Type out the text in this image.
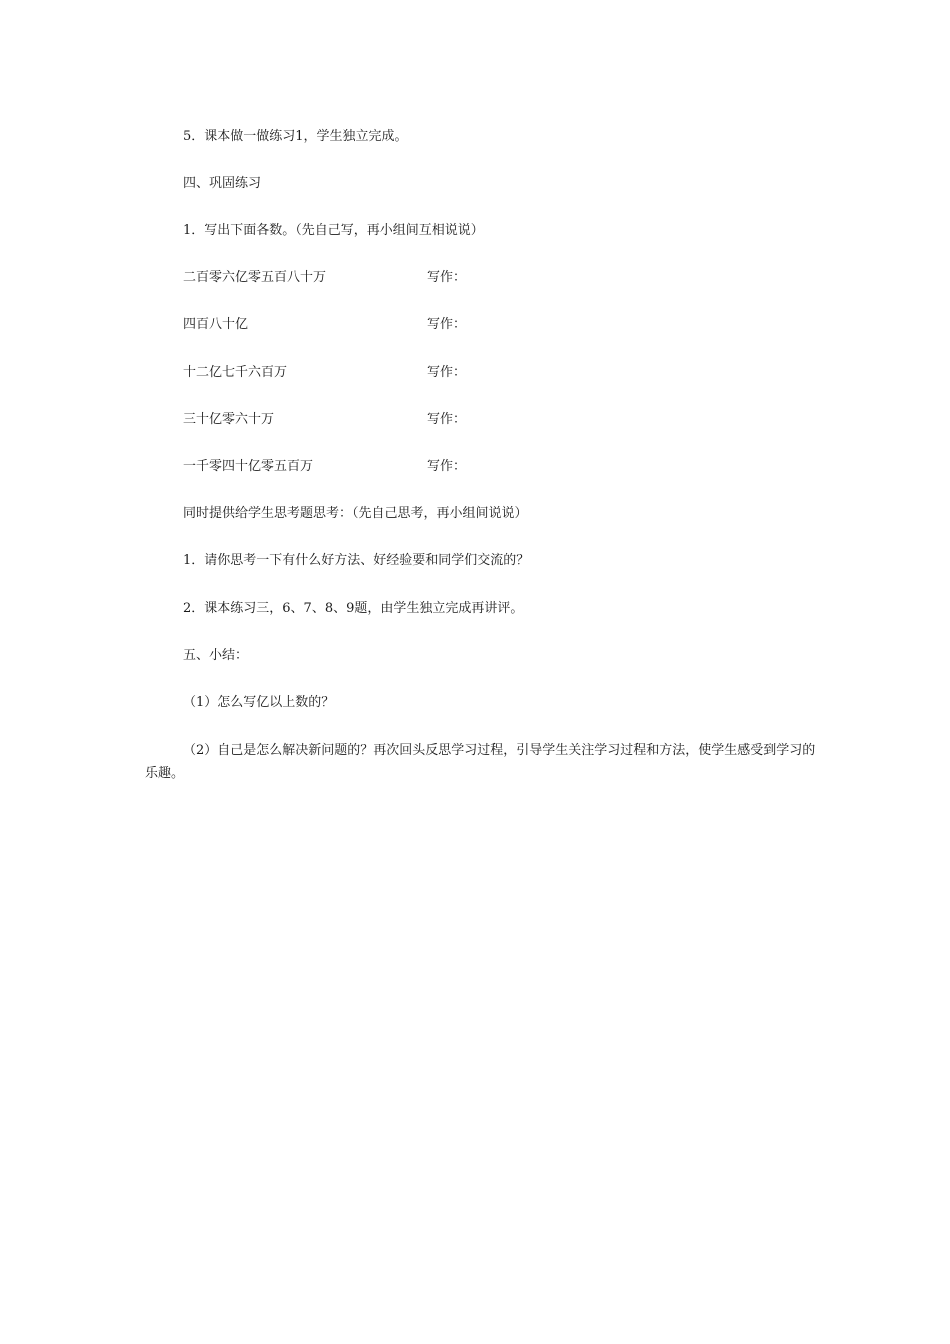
5．课本做一做练习1，学生独立完成。
四、巩固练习
1．写出下面各数。（先自己写，再小组间互相说说）
二百零六亿零五百八十万	写作：
四百八十亿	写作：
十二亿七千六百万	写作：
三十亿零六十万	写作：
一千零四十亿零五百万	写作：
同时提供给学生思考题思考：（先自己思考，再小组间说说）
1．请你思考一下有什么好方法、好经验要和同学们交流的？
2．课本练习三，6、7、8、9题，由学生独立完成再讲评。
五、小结：
（1）怎么写亿以上数的？
（2）自己是怎么解决新问题的？再次回头反思学习过程，引导学生关注学习过程和方法，使学生感受到学习的乐趣。
